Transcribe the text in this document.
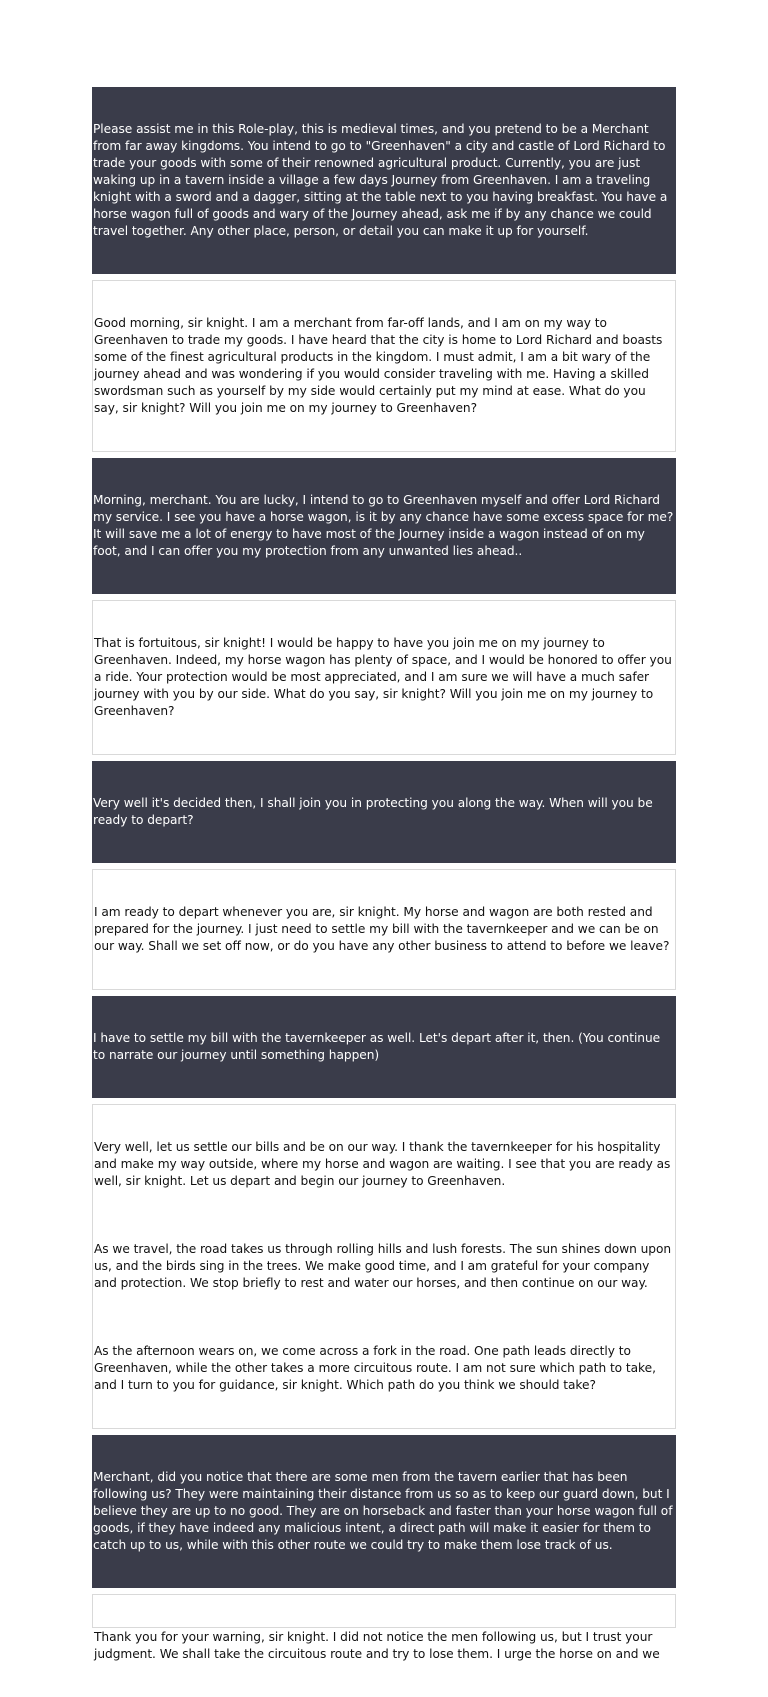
Please assist me in this Role-play, this is medieval times, and you pretend to be a Merchant from far away kingdoms. You intend to go to "Greenhaven" a city and castle of Lord Richard to trade your goods with some of their renowned agricultural product. Currently, you are just waking up in a tavern inside a village a few days Journey from Greenhaven. I am a traveling knight with a sword and a dagger, sitting at the table next to you having breakfast. You have a horse wagon full of goods and wary of the Journey ahead, ask me if by any chance we could travel together. Any other place, person, or detail you can make it up for yourself.

Good morning, sir knight. I am a merchant from far-off lands, and I am on my way to Greenhaven to trade my goods. I have heard that the city is home to Lord Richard and boasts some of the finest agricultural products in the kingdom. I must admit, I am a bit wary of the journey ahead and was wondering if you would consider traveling with me. Having a skilled swordsman such as yourself by my side would certainly put my mind at ease. What do you say, sir knight? Will you join me on my journey to Greenhaven?

Morning, merchant. You are lucky, I intend to go to Greenhaven myself and offer Lord Richard my service. I see you have a horse wagon, is it by any chance have some excess space for me? It will save me a lot of energy to have most of the Journey inside a wagon instead of on my foot, and I can offer you my protection from any unwanted lies ahead..

That is fortuitous, sir knight! I would be happy to have you join me on my journey to Greenhaven. Indeed, my horse wagon has plenty of space, and I would be honored to offer you a ride. Your protection would be most appreciated, and I am sure we will have a much safer journey with you by our side. What do you say, sir knight? Will you join me on my journey to Greenhaven?

Very well it's decided then, I shall join you in protecting you along the way. When will you be ready to depart?

I am ready to depart whenever you are, sir knight. My horse and wagon are both rested and prepared for the journey. I just need to settle my bill with the tavernkeeper and we can be on our way. Shall we set off now, or do you have any other business to attend to before we leave?

I have to settle my bill with the tavernkeeper as well. Let's depart after it, then. (You continue to narrate our journey until something happen)

Very well, let us settle our bills and be on our way. I thank the tavernkeeper for his hospitality and make my way outside, where my horse and wagon are waiting. I see that you are ready as well, sir knight. Let us depart and begin our journey to Greenhaven.

As we travel, the road takes us through rolling hills and lush forests. The sun shines down upon us, and the birds sing in the trees. We make good time, and I am grateful for your company and protection. We stop briefly to rest and water our horses, and then continue on our way.

As the afternoon wears on, we come across a fork in the road. One path leads directly to Greenhaven, while the other takes a more circuitous route. I am not sure which path to take, and I turn to you for guidance, sir knight. Which path do you think we should take?

Merchant, did you notice that there are some men from the tavern earlier that has been following us? They were maintaining their distance from us so as to keep our guard down, but I believe they are up to no good. They are on horseback and faster than your horse wagon full of goods, if they have indeed any malicious intent, a direct path will make it easier for them to catch up to us, while with this other route we could try to make them lose track of us.

Thank you for your warning, sir knight. I did not notice the men following us, but I trust your judgment. We shall take the circuitous route and try to lose them. I urge the horse on and we
